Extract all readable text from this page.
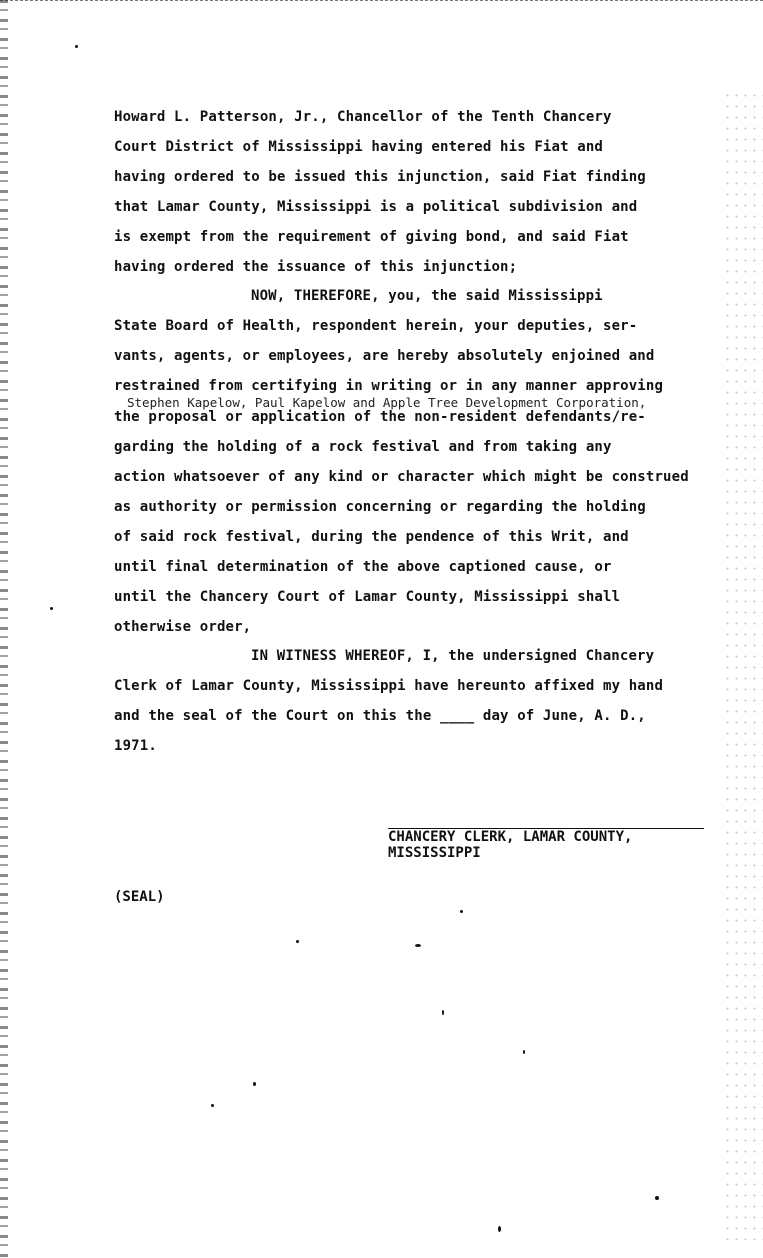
Howard L. Patterson, Jr., Chancellor of the Tenth Chancery
Court District of Mississippi having entered his Fiat and
having ordered to be issued this injunction, said Fiat finding
that Lamar County, Mississippi is a political subdivision and
is exempt from the requirement of giving bond, and said Fiat
having ordered the issuance of this injunction;
NOW, THEREFORE, you, the said Mississippi
State Board of Health, respondent herein, your deputies, ser-
vants, agents, or employees, are hereby absolutely enjoined and
restrained from certifying in writing or in any manner approving
Stephen Kapelow, Paul Kapelow and Apple Tree Development Corporation,
the proposal or application of the non-resident defendants/re-
garding the holding of a rock festival and from taking any
action whatsoever of any kind or character which might be construed
as authority or permission concerning or regarding the holding
of said rock festival, during the pendence of this Writ, and
until final determination of the above captioned cause, or
until the Chancery Court of Lamar County, Mississippi shall
otherwise order,
IN WITNESS WHEREOF, I, the undersigned Chancery
Clerk of Lamar County, Mississippi have hereunto affixed my hand
and the seal of the Court on this the ____ day of June, A. D.,
1971.
CHANCERY CLERK, LAMAR COUNTY,
MISSISSIPPI
(SEAL)
